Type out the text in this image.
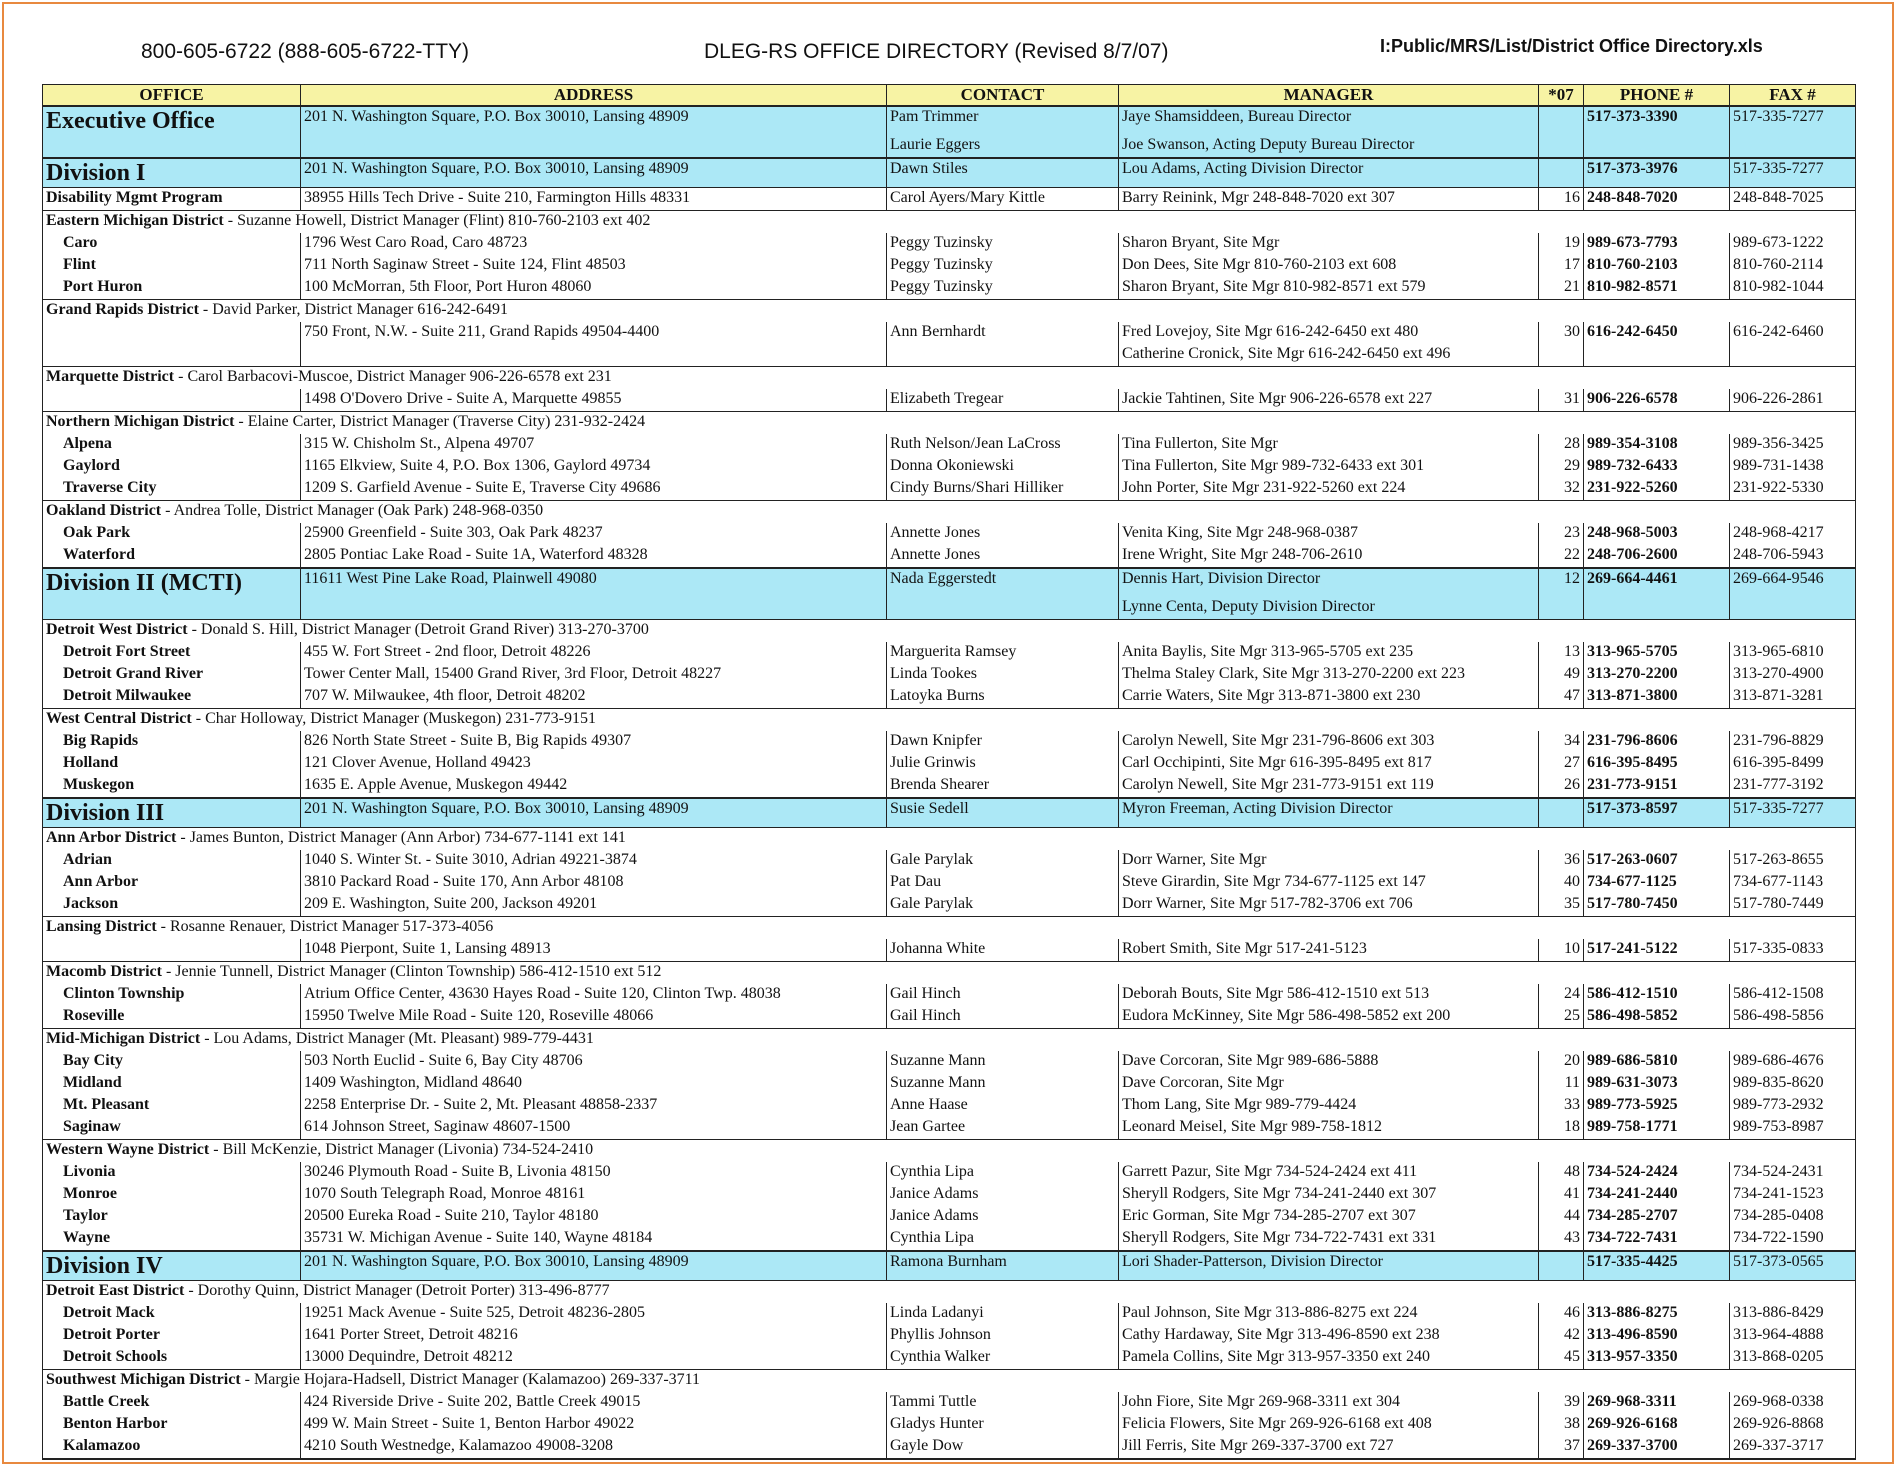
800-605-6722 (888-605-6722-TTY)	DLEG-RS OFFICE DIRECTORY (Revised 8/7/07)	I:Public/MRS/List/District Office Directory.xls
OFFICE	ADDRESS	CONTACT	MANAGER	*07	PHONE #	FAX #
Executive Office	201 N. Washington Square, P.O. Box 30010, Lansing 48909	Pam Trimmer	Jaye Shamsiddeen, Bureau Director		517-373-3390	517-335-7277
		Laurie Eggers	Joe Swanson, Acting Deputy Bureau Director			
Division I	201 N. Washington Square, P.O. Box 30010, Lansing 48909	Dawn Stiles	Lou Adams, Acting Division Director		517-373-3976	517-335-7277
Disability Mgmt Program	38955 Hills Tech Drive - Suite 210, Farmington Hills 48331	Carol Ayers/Mary Kittle	Barry Reinink, Mgr 248-848-7020 ext 307	16	248-848-7020	248-848-7025
Eastern Michigan District - Suzanne Howell, District Manager (Flint) 810-760-2103 ext 402						
Caro	1796 West Caro Road, Caro 48723	Peggy Tuzinsky	Sharon Bryant, Site Mgr	19	989-673-7793	989-673-1222
Flint	711 North Saginaw Street - Suite 124, Flint 48503	Peggy Tuzinsky	Don Dees, Site Mgr 810-760-2103 ext 608	17	810-760-2103	810-760-2114
Port Huron	100 McMorran, 5th Floor, Port Huron 48060	Peggy Tuzinsky	Sharon Bryant, Site Mgr 810-982-8571 ext 579	21	810-982-8571	810-982-1044
Grand Rapids District - David Parker, District Manager 616-242-6491						
	750 Front, N.W. - Suite 211, Grand Rapids 49504-4400	Ann Bernhardt	Fred Lovejoy, Site Mgr 616-242-6450 ext 480	30	616-242-6450	616-242-6460
			Catherine Cronick, Site Mgr 616-242-6450 ext 496			
Marquette District - Carol Barbacovi-Muscoe, District Manager 906-226-6578 ext 231						
	1498 O'Dovero Drive - Suite A, Marquette 49855	Elizabeth Tregear	Jackie Tahtinen, Site Mgr 906-226-6578 ext 227	31	906-226-6578	906-226-2861
Northern Michigan District - Elaine Carter, District Manager (Traverse City) 231-932-2424						
Alpena	315 W. Chisholm St., Alpena 49707	Ruth Nelson/Jean LaCross	Tina Fullerton, Site Mgr	28	989-354-3108	989-356-3425
Gaylord	1165 Elkview, Suite 4, P.O. Box 1306, Gaylord 49734	Donna Okoniewski	Tina Fullerton, Site Mgr 989-732-6433 ext 301	29	989-732-6433	989-731-1438
Traverse City	1209 S. Garfield Avenue - Suite E, Traverse City 49686	Cindy Burns/Shari Hilliker	John Porter, Site Mgr 231-922-5260 ext 224	32	231-922-5260	231-922-5330
Oakland District - Andrea Tolle, District Manager (Oak Park) 248-968-0350						
Oak Park	25900 Greenfield - Suite 303, Oak Park 48237	Annette Jones	Venita King, Site Mgr 248-968-0387	23	248-968-5003	248-968-4217
Waterford	2805 Pontiac Lake Road - Suite 1A, Waterford 48328	Annette Jones	Irene Wright, Site Mgr 248-706-2610	22	248-706-2600	248-706-5943
Division II (MCTI)	11611 West Pine Lake Road, Plainwell 49080	Nada Eggerstedt	Dennis Hart, Division Director	12	269-664-4461	269-664-9546
			Lynne Centa, Deputy Division Director			
Detroit West District - Donald S. Hill, District Manager (Detroit Grand River) 313-270-3700						
Detroit Fort Street	455 W. Fort Street - 2nd floor, Detroit 48226	Marguerita Ramsey	Anita Baylis, Site Mgr 313-965-5705 ext 235	13	313-965-5705	313-965-6810
Detroit Grand River	Tower Center Mall, 15400 Grand River, 3rd Floor, Detroit 48227	Linda Tookes	Thelma Staley Clark, Site Mgr 313-270-2200 ext 223	49	313-270-2200	313-270-4900
Detroit Milwaukee	707 W. Milwaukee, 4th floor, Detroit 48202	Latoyka Burns	Carrie Waters, Site Mgr 313-871-3800 ext 230	47	313-871-3800	313-871-3281
West Central District - Char Holloway, District Manager (Muskegon) 231-773-9151						
Big Rapids	826 North State Street - Suite B, Big Rapids 49307	Dawn Knipfer	Carolyn Newell, Site Mgr 231-796-8606 ext 303	34	231-796-8606	231-796-8829
Holland	121 Clover Avenue, Holland 49423	Julie Grinwis	Carl Occhipinti, Site Mgr 616-395-8495 ext 817	27	616-395-8495	616-395-8499
Muskegon	1635 E. Apple Avenue, Muskegon 49442	Brenda Shearer	Carolyn Newell, Site Mgr 231-773-9151 ext 119	26	231-773-9151	231-777-3192
Division III	201 N. Washington Square, P.O. Box 30010, Lansing 48909	Susie Sedell	Myron Freeman, Acting Division Director		517-373-8597	517-335-7277
Ann Arbor District - James Bunton, District Manager (Ann Arbor) 734-677-1141 ext 141						
Adrian	1040 S. Winter St. - Suite 3010, Adrian 49221-3874	Gale Parylak	Dorr Warner, Site Mgr	36	517-263-0607	517-263-8655
Ann Arbor	3810 Packard Road - Suite 170, Ann Arbor 48108	Pat Dau	Steve Girardin, Site Mgr 734-677-1125 ext 147	40	734-677-1125	734-677-1143
Jackson	209 E. Washington, Suite 200, Jackson 49201	Gale Parylak	Dorr Warner, Site Mgr 517-782-3706 ext 706	35	517-780-7450	517-780-7449
Lansing District - Rosanne Renauer, District Manager 517-373-4056						
	1048 Pierpont, Suite 1, Lansing 48913	Johanna White	Robert Smith, Site Mgr 517-241-5123	10	517-241-5122	517-335-0833
Macomb District - Jennie Tunnell, District Manager (Clinton Township) 586-412-1510 ext 512						
Clinton Township	Atrium Office Center, 43630 Hayes Road - Suite 120, Clinton Twp. 48038	Gail Hinch	Deborah Bouts, Site Mgr 586-412-1510 ext 513	24	586-412-1510	586-412-1508
Roseville	15950 Twelve Mile Road - Suite 120, Roseville 48066	Gail Hinch	Eudora McKinney, Site Mgr 586-498-5852 ext 200	25	586-498-5852	586-498-5856
Mid-Michigan District - Lou Adams, District Manager (Mt. Pleasant) 989-779-4431						
Bay City	503 North Euclid - Suite 6, Bay City 48706	Suzanne Mann	Dave Corcoran, Site Mgr 989-686-5888	20	989-686-5810	989-686-4676
Midland	1409 Washington, Midland 48640	Suzanne Mann	Dave Corcoran, Site Mgr	11	989-631-3073	989-835-8620
Mt. Pleasant	2258 Enterprise Dr. - Suite 2, Mt. Pleasant 48858-2337	Anne Haase	Thom Lang, Site Mgr 989-779-4424	33	989-773-5925	989-773-2932
Saginaw	614 Johnson Street, Saginaw 48607-1500	Jean Gartee	Leonard Meisel, Site Mgr 989-758-1812	18	989-758-1771	989-753-8987
Western Wayne District - Bill McKenzie, District Manager (Livonia) 734-524-2410						
Livonia	30246 Plymouth Road - Suite B, Livonia 48150	Cynthia Lipa	Garrett Pazur, Site Mgr 734-524-2424 ext 411	48	734-524-2424	734-524-2431
Monroe	1070 South Telegraph Road, Monroe 48161	Janice Adams	Sheryll Rodgers, Site Mgr 734-241-2440 ext 307	41	734-241-2440	734-241-1523
Taylor	20500 Eureka Road - Suite 210, Taylor 48180	Janice Adams	Eric Gorman, Site Mgr 734-285-2707 ext 307	44	734-285-2707	734-285-0408
Wayne	35731 W. Michigan Avenue - Suite 140, Wayne 48184	Cynthia Lipa	Sheryll Rodgers, Site Mgr 734-722-7431 ext 331	43	734-722-7431	734-722-1590
Division IV	201 N. Washington Square, P.O. Box 30010, Lansing 48909	Ramona Burnham	Lori Shader-Patterson, Division Director		517-335-4425	517-373-0565
Detroit East District - Dorothy Quinn, District Manager (Detroit Porter) 313-496-8777						
Detroit Mack	19251 Mack Avenue - Suite 525, Detroit 48236-2805	Linda Ladanyi	Paul Johnson, Site Mgr 313-886-8275 ext 224	46	313-886-8275	313-886-8429
Detroit Porter	1641 Porter Street, Detroit 48216	Phyllis Johnson	Cathy Hardaway, Site Mgr 313-496-8590 ext 238	42	313-496-8590	313-964-4888
Detroit Schools	13000 Dequindre, Detroit 48212	Cynthia Walker	Pamela Collins, Site Mgr 313-957-3350 ext 240	45	313-957-3350	313-868-0205
Southwest Michigan District - Margie Hojara-Hadsell, District Manager (Kalamazoo) 269-337-3711						
Battle Creek	424 Riverside Drive - Suite 202, Battle Creek 49015	Tammi Tuttle	John Fiore, Site Mgr 269-968-3311 ext 304	39	269-968-3311	269-968-0338
Benton Harbor	499 W. Main Street - Suite 1, Benton Harbor 49022	Gladys Hunter	Felicia Flowers, Site Mgr 269-926-6168 ext 408	38	269-926-6168	269-926-8868
Kalamazoo	4210 South Westnedge, Kalamazoo 49008-3208	Gayle Dow	Jill Ferris, Site Mgr 269-337-3700 ext 727	37	269-337-3700	269-337-3717
